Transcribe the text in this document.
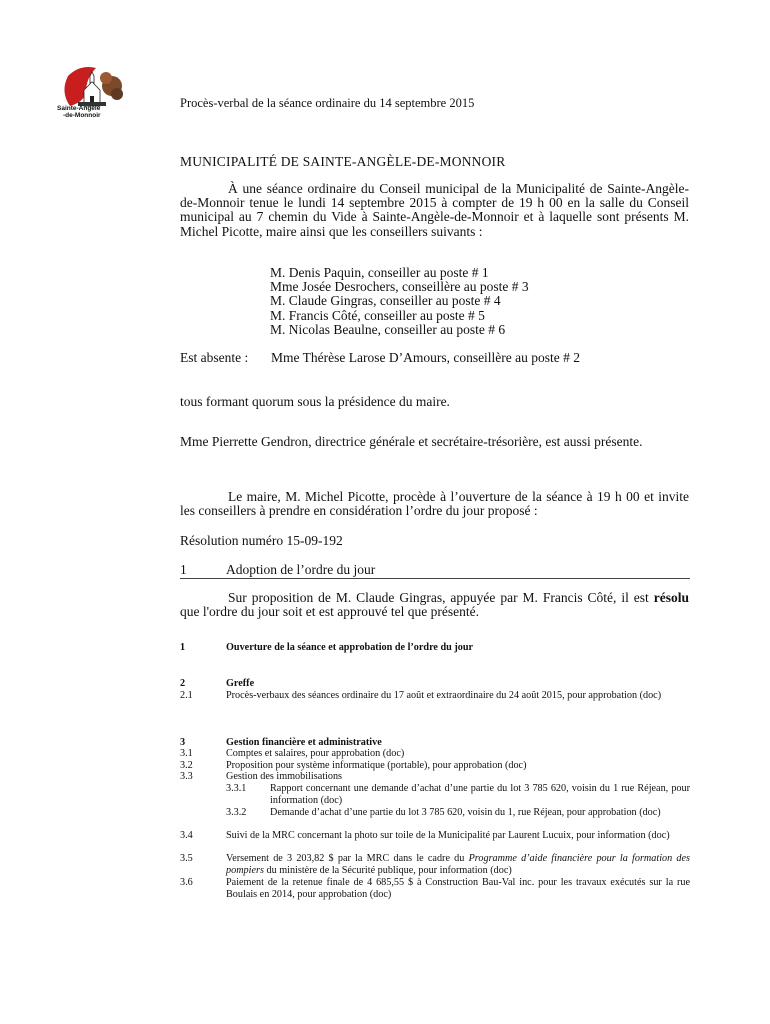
Sainte-Angèle
-de-Monnoir
Procès-verbal de la séance ordinaire du 14 septembre 2015
MUNICIPALITÉ DE SAINTE-ANGÈLE-DE-MONNOIR
À une séance ordinaire du Conseil municipal de la Municipalité de Sainte-Angèle-de-Monnoir tenue le lundi 14 septembre 2015 à compter de 19 h 00 en la salle du Conseil municipal au 7 chemin du Vide à Sainte-Angèle-de-Monnoir et à laquelle sont présents M. Michel Picotte, maire ainsi que les conseillers suivants :
M. Denis Paquin, conseiller au poste # 1
Mme Josée Desrochers, conseillère au poste # 3
M. Claude Gingras, conseiller au poste # 4
M. Francis Côté, conseiller au poste # 5
M. Nicolas Beaulne, conseiller au poste # 6
Est absente : Mme Thérèse Larose D’Amours, conseillère au poste # 2
tous formant quorum sous la présidence du maire.
Mme Pierrette Gendron, directrice générale et secrétaire-trésorière, est aussi présente.
Le maire, M. Michel Picotte, procède à l’ouverture de la séance à 19 h 00 et invite les conseillers à prendre en considération l’ordre du jour proposé :
Résolution numéro 15-09-192
1	Adoption de l’ordre du jour
Sur proposition de M. Claude Gingras, appuyée par M. Francis Côté, il est résolu que l'ordre du jour soit et est approuvé tel que présenté.
1	Ouverture de la séance et approbation de l’ordre du jour
2	Greffe
2.1	Procès-verbaux des séances ordinaire du 17 août et extraordinaire du 24 août 2015, pour approbation (doc)
3	Gestion financière et administrative
3.1	Comptes et salaires, pour approbation (doc)
3.2	Proposition pour système informatique (portable), pour approbation (doc)
3.3	Gestion des immobilisations
3.3.1 Rapport concernant une demande d’achat d’une partie du lot 3 785 620, voisin du 1 rue Réjean, pour information (doc)
3.3.2 Demande d’achat d’une partie du lot 3 785 620, voisin du 1, rue Réjean, pour approbation (doc)
3.4	Suivi de la MRC concernant la photo sur toile de la Municipalité par Laurent Lucuix, pour information (doc)
3.5	Versement de 3 203,82 $ par la MRC dans le cadre du Programme d’aide financière pour la formation des pompiers du ministère de la Sécurité publique, pour information (doc)
3.6	Paiement de la retenue finale de 4 685,55 $ à Construction Bau-Val inc. pour les travaux exécutés sur la rue Boulais en 2014, pour approbation (doc)
